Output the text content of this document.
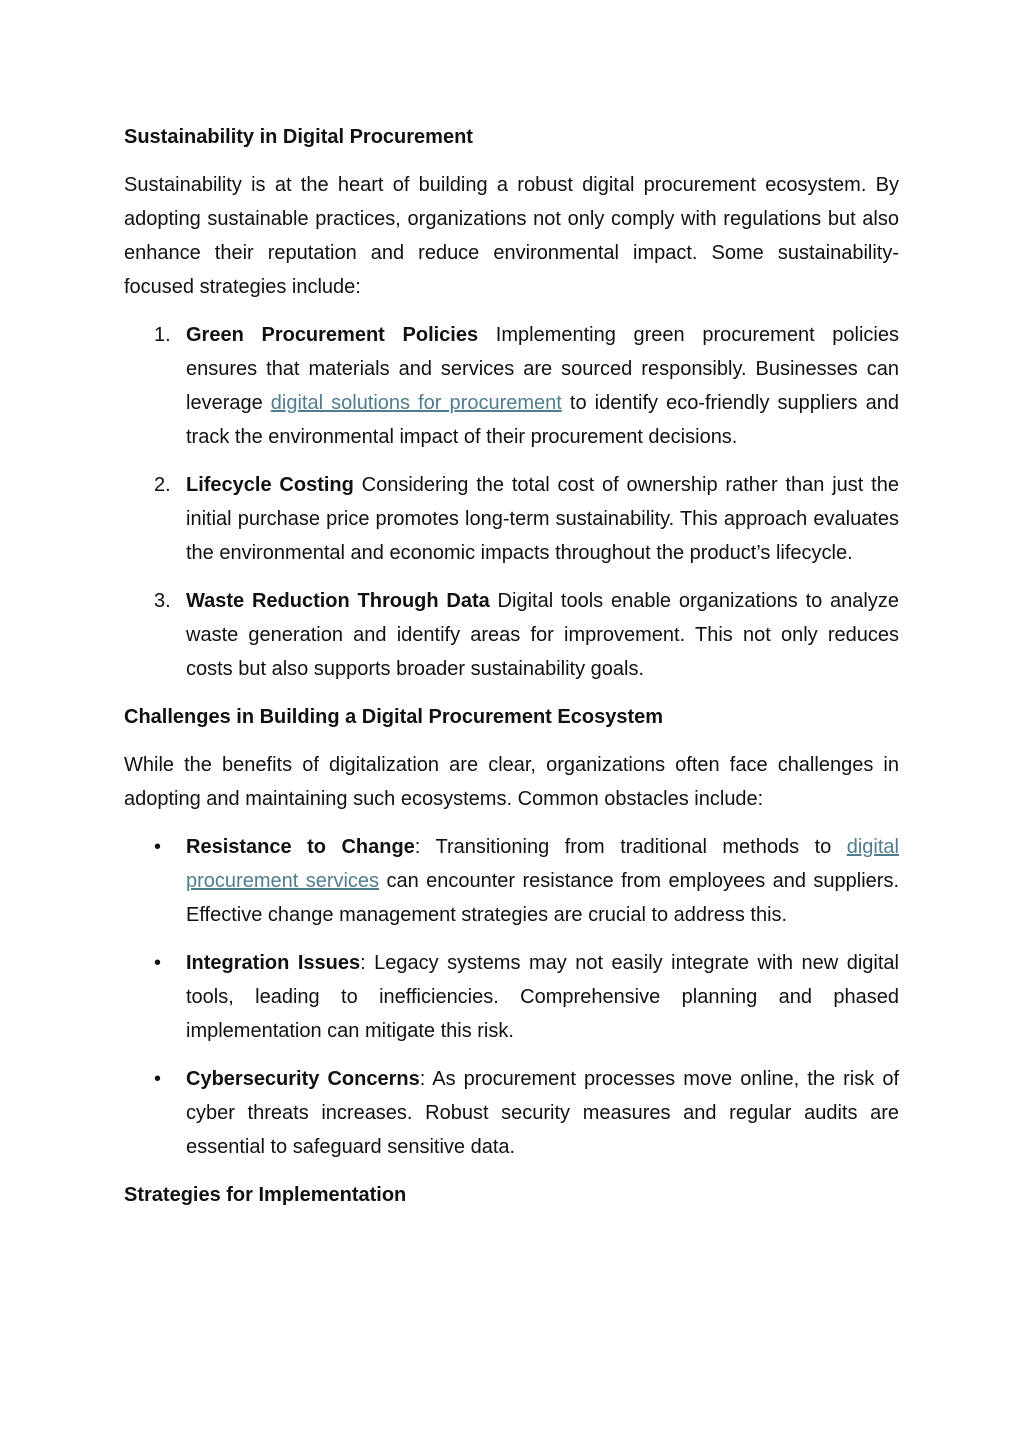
Sustainability in Digital Procurement

Sustainability is at the heart of building a robust digital procurement ecosystem. By adopting sustainable practices, organizations not only comply with regulations but also enhance their reputation and reduce environmental impact. Some sustainability-focused strategies include:

1. Green Procurement Policies Implementing green procurement policies ensures that materials and services are sourced responsibly. Businesses can leverage digital solutions for procurement to identify eco-friendly suppliers and track the environmental impact of their procurement decisions.
2. Lifecycle Costing Considering the total cost of ownership rather than just the initial purchase price promotes long-term sustainability. This approach evaluates the environmental and economic impacts throughout the product’s lifecycle.
3. Waste Reduction Through Data Digital tools enable organizations to analyze waste generation and identify areas for improvement. This not only reduces costs but also supports broader sustainability goals.
Challenges in Building a Digital Procurement Ecosystem

While the benefits of digitalization are clear, organizations often face challenges in adopting and maintaining such ecosystems. Common obstacles include:

•	Resistance to Change: Transitioning from traditional methods to digital procurement services can encounter resistance from employees and suppliers. Effective change management strategies are crucial to address this.
•	Integration Issues: Legacy systems may not easily integrate with new digital tools, leading to inefficiencies. Comprehensive planning and phased implementation can mitigate this risk.
•	Cybersecurity Concerns: As procurement processes move online, the risk of cyber threats increases. Robust security measures and regular audits are essential to safeguard sensitive data.
Strategies for Implementation
